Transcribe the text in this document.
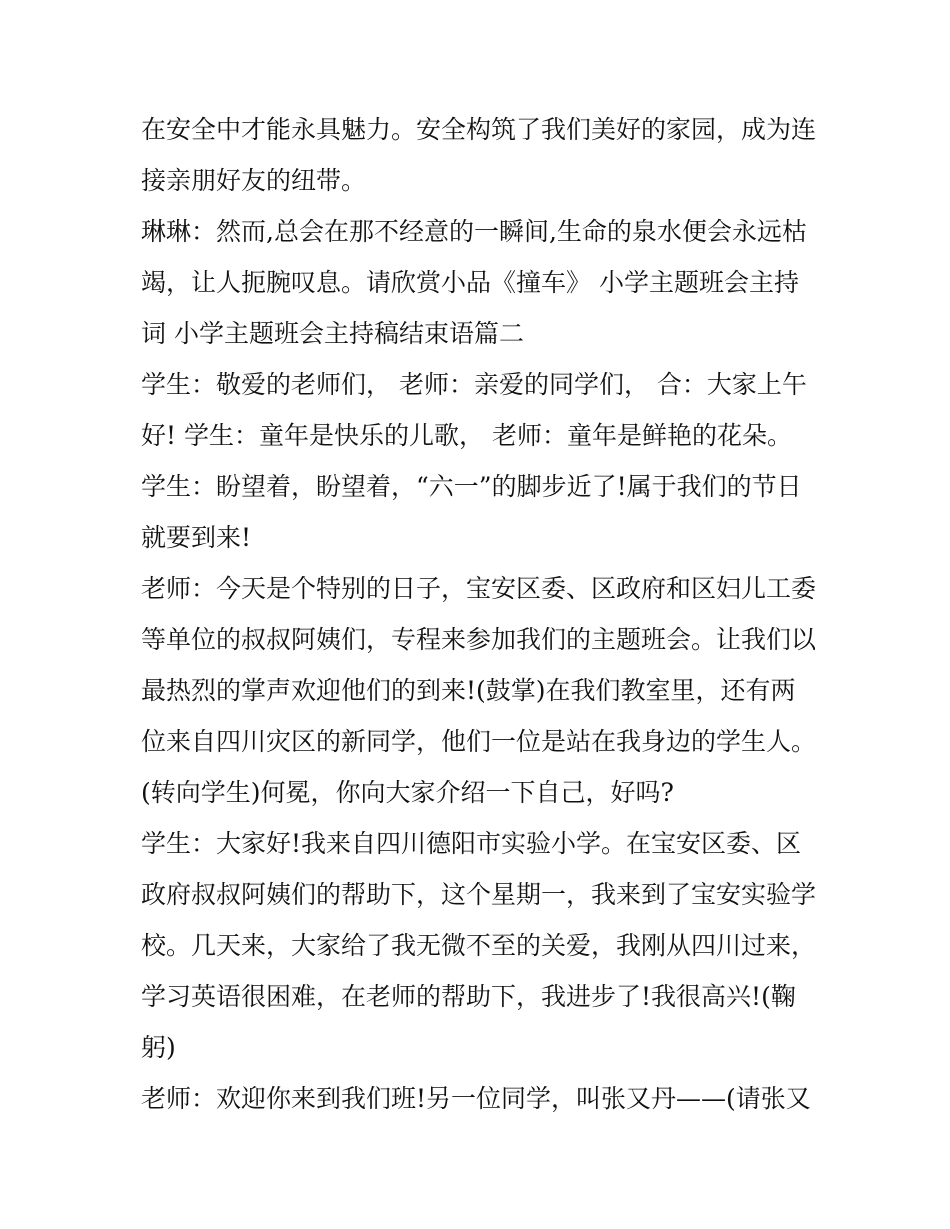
在安全中才能永具魅力。安全构筑了我们美好的家园，成为连
接亲朋好友的纽带。
琳琳：然而,总会在那不经意的一瞬间,生命的泉水便会永远枯
竭，让人扼腕叹息。请欣赏小品《撞车》 小学主题班会主持
词 小学主题班会主持稿结束语篇二
学生：敬爱的老师们， 老师：亲爱的同学们， 合：大家上午
好! 学生：童年是快乐的儿歌， 老师：童年是鲜艳的花朵。
学生：盼望着，盼望着，“六一”的脚步近了!属于我们的节日
就要到来!
老师：今天是个特别的日子，宝安区委、区政府和区妇儿工委
等单位的叔叔阿姨们，专程来参加我们的主题班会。让我们以
最热烈的掌声欢迎他们的到来!(鼓掌)在我们教室里，还有两
位来自四川灾区的新同学，他们一位是站在我身边的学生人。
(转向学生)何冕，你向大家介绍一下自己，好吗?
学生：大家好!我来自四川德阳市实验小学。在宝安区委、区
政府叔叔阿姨们的帮助下，这个星期一，我来到了宝安实验学
校。几天来，大家给了我无微不至的关爱，我刚从四川过来，
学习英语很困难，在老师的帮助下，我进步了!我很高兴!(鞠
躬)
老师：欢迎你来到我们班!另一位同学，叫张又丹——(请张又
